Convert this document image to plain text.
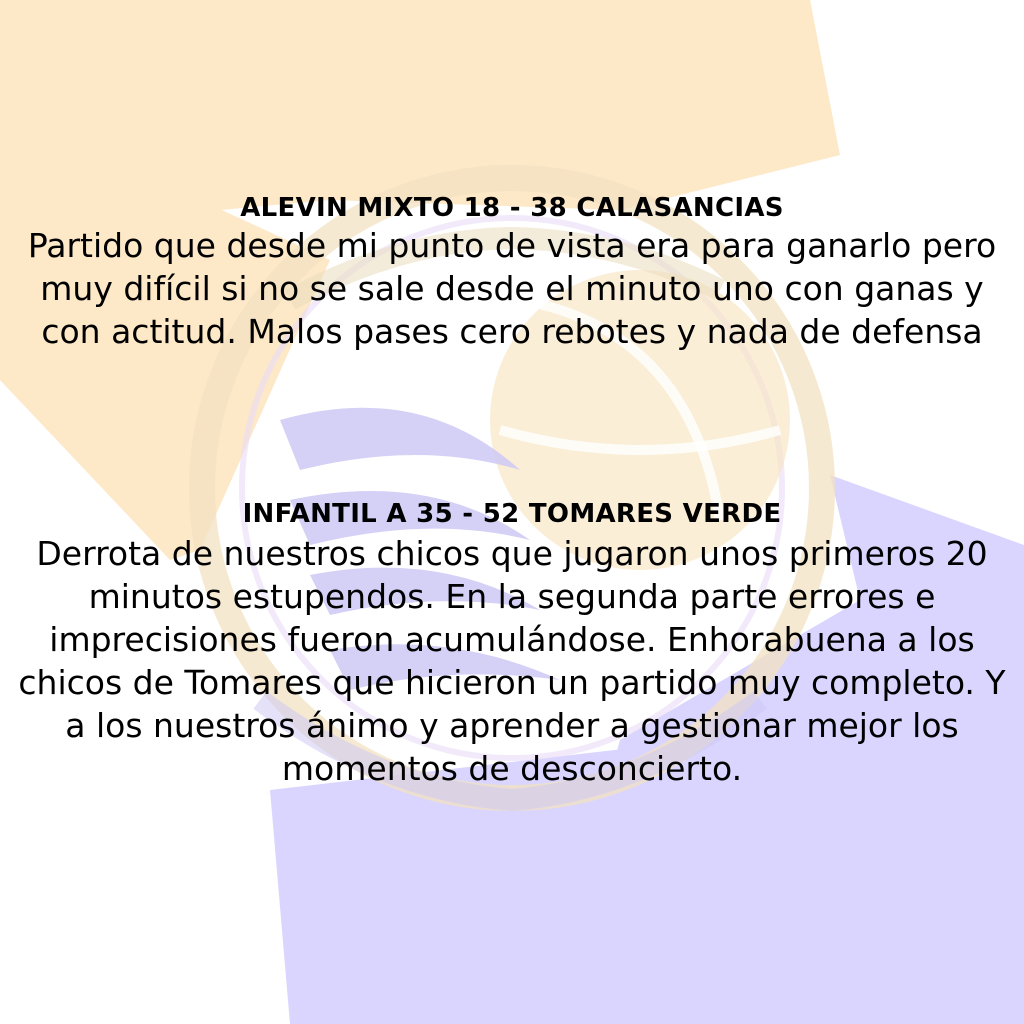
ALEVIN MIXTO 18 - 38 CALASANCIAS

Partido que desde mi punto de vista era para ganarlo pero muy difícil si no se sale desde el minuto uno con ganas y con actitud. Malos pases cero rebotes y nada de defensa

INFANTIL A 35 - 52 TOMARES VERDE

Derrota de nuestros chicos que jugaron unos primeros 20 minutos estupendos. En la segunda parte errores e imprecisiones fueron acumulándose. Enhorabuena a los chicos de Tomares que hicieron un partido muy completo. Y a los nuestros ánimo y aprender a gestionar mejor los momentos de desconcierto.
